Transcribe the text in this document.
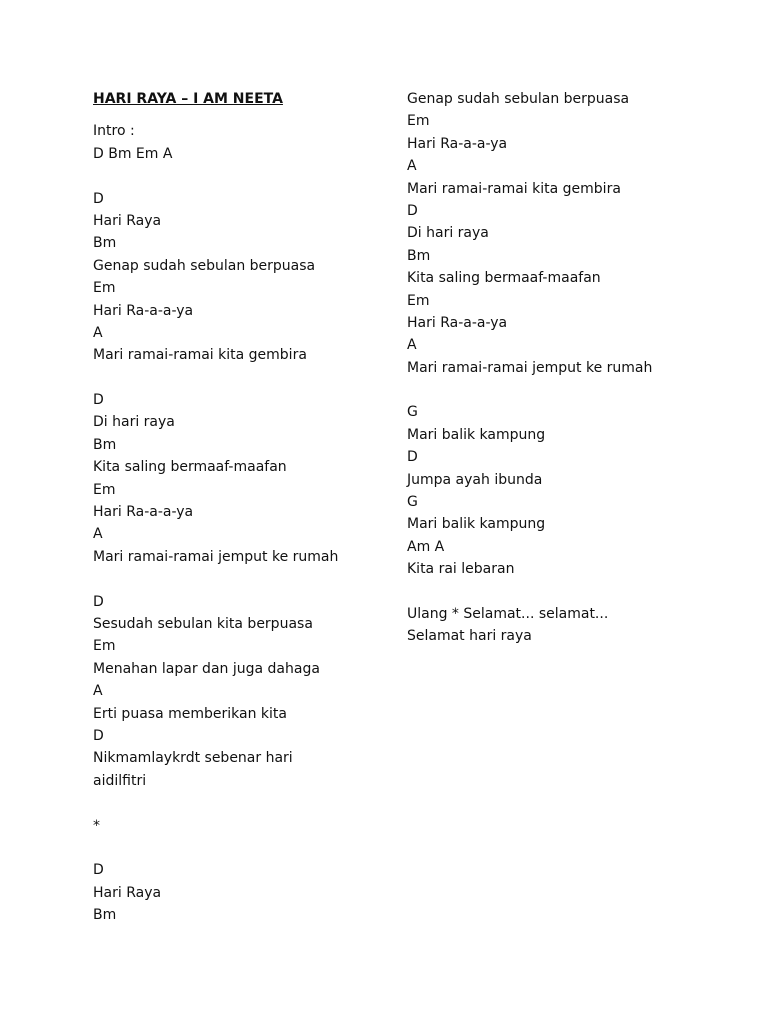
HARI RAYA – I AM NEETA
Intro :
D Bm Em A
D
Hari Raya
Bm
Genap sudah sebulan berpuasa
Em
Hari Ra-a-a-ya
A
Mari ramai-ramai kita gembira
D
Di hari raya
Bm
Kita saling bermaaf-maafan
Em
Hari Ra-a-a-ya
A
Mari ramai-ramai jemput ke rumah
D
Sesudah sebulan kita berpuasa
Em
Menahan lapar dan juga dahaga
A
Erti puasa memberikan kita
D
Nikmamlaykrdt sebenar hari
aidilfitri
*
D
Hari Raya
Bm
Genap sudah sebulan berpuasa
Em
Hari Ra-a-a-ya
A
Mari ramai-ramai kita gembira
D
Di hari raya
Bm
Kita saling bermaaf-maafan
Em
Hari Ra-a-a-ya
A
Mari ramai-ramai jemput ke rumah
G
Mari balik kampung
D
Jumpa ayah ibunda
G
Mari balik kampung
Am A
Kita rai lebaran
Ulang * Selamat... selamat...
Selamat hari raya
